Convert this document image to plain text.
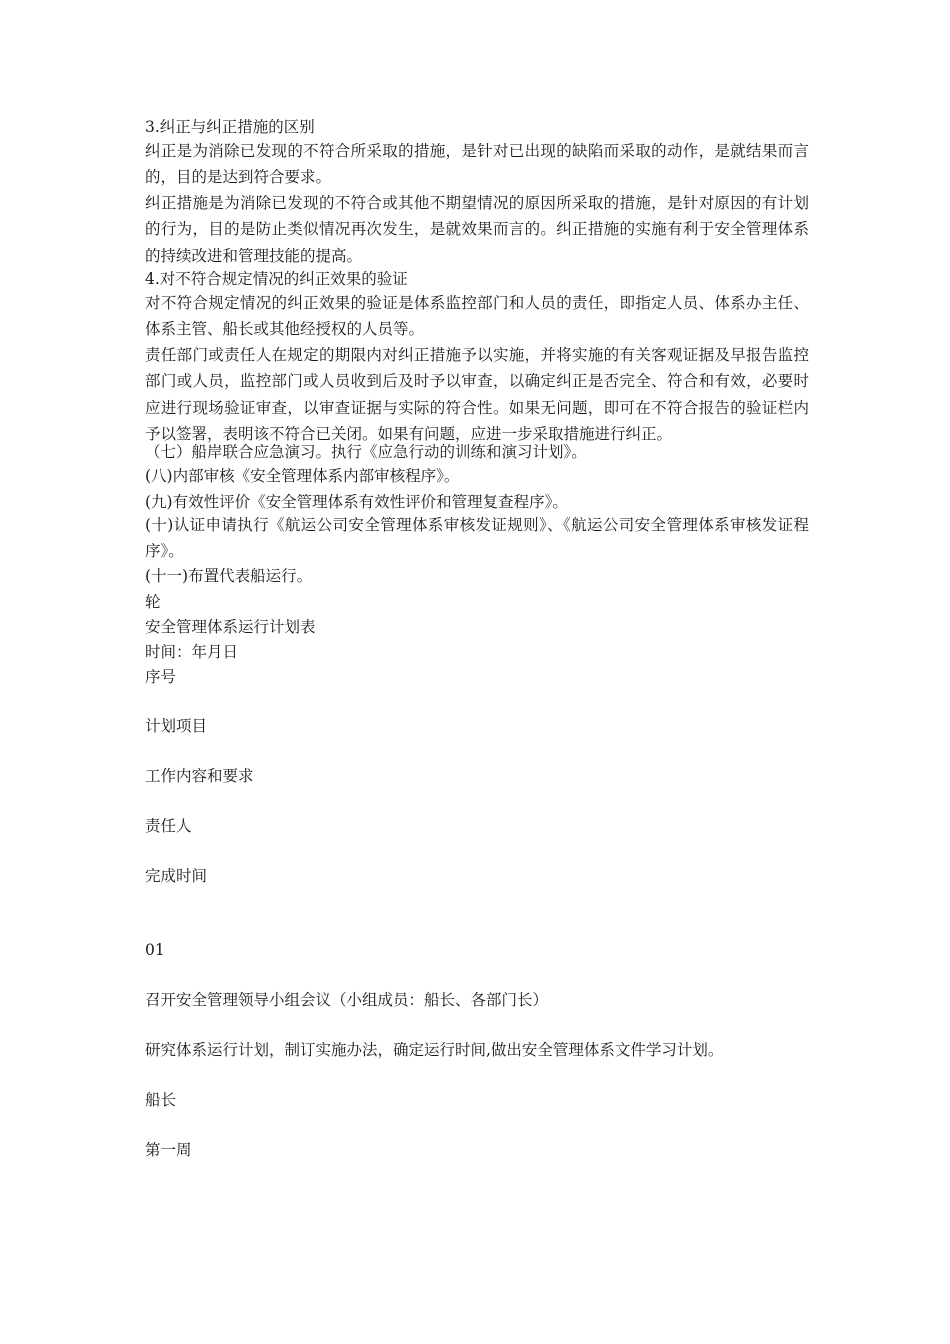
3.纠正与纠正措施的区别
纠正是为消除已发现的不符合所采取的措施，是针对已出现的缺陷而采取的动作，是就结果而言的，目的是达到符合要求。
纠正措施是为消除已发现的不符合或其他不期望情况的原因所采取的措施，是针对原因的有计划的行为，目的是防止类似情况再次发生，是就效果而言的。纠正措施的实施有利于安全管理体系的持续改进和管理技能的提高。
4.对不符合规定情况的纠正效果的验证
对不符合规定情况的纠正效果的验证是体系监控部门和人员的责任，即指定人员、体系办主任、体系主管、船长或其他经授权的人员等。
责任部门或责任人在规定的期限内对纠正措施予以实施，并将实施的有关客观证据及早报告监控部门或人员，监控部门或人员收到后及时予以审查，以确定纠正是否完全、符合和有效，必要时应进行现场验证审查，以审查证据与实际的符合性。如果无问题，即可在不符合报告的验证栏内予以签署，表明该不符合已关闭。如果有问题，应进一步采取措施进行纠正。
（七）船岸联合应急演习。执行《应急行动的训练和演习计划》。
(八)内部审核《安全管理体系内部审核程序》。
(九)有效性评价《安全管理体系有效性评价和管理复查程序》。
(十)认证申请执行《航运公司安全管理体系审核发证规则》、《航运公司安全管理体系审核发证程序》。
(十一)布置代表船运行。
轮
安全管理体系运行计划表
时间：年月日
序号
计划项目
工作内容和要求
责任人
完成时间
01
召开安全管理领导小组会议（小组成员：船长、各部门长）
研究体系运行计划，制订实施办法，确定运行时间,做出安全管理体系文件学习计划。
船长
第一周
